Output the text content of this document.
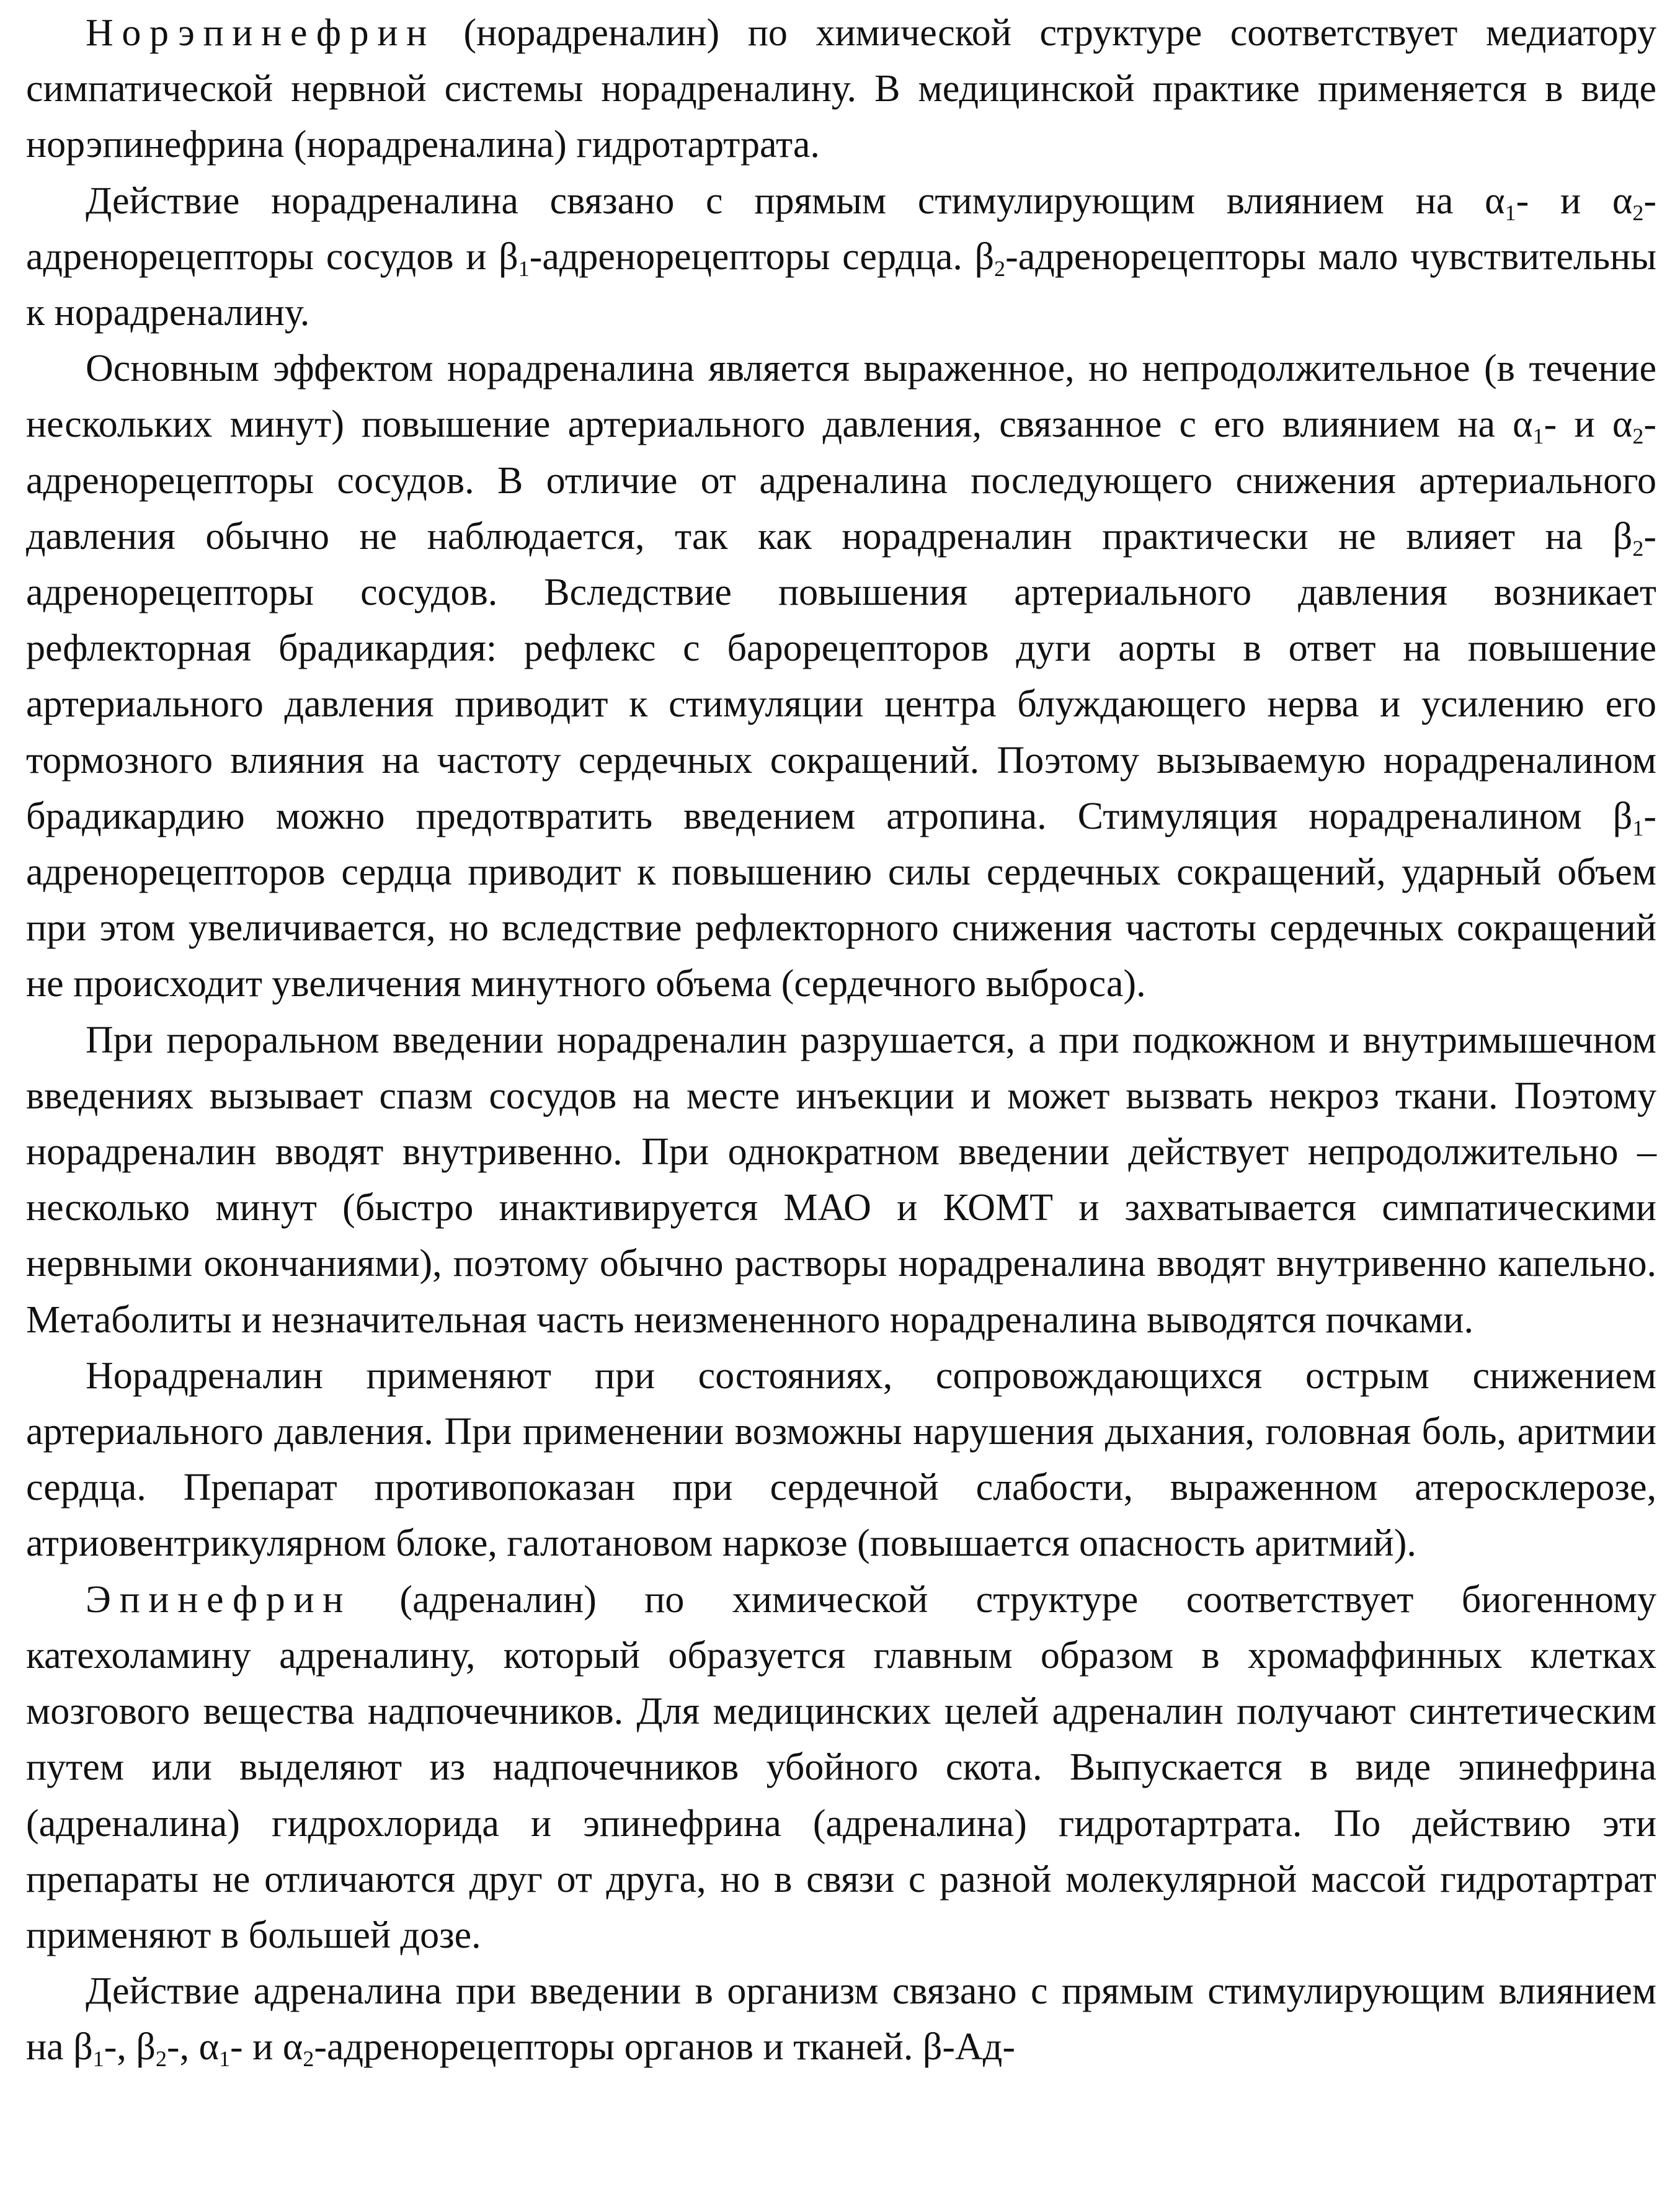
Норэпинефрин (норадреналин) по химической структуре соответствует медиатору симпатической нервной системы норадреналину. В медицинской практике применяется в виде норэпинефрина (норадреналина) гидротартрата.

Действие норадреналина связано с прямым стимулирующим влиянием на $\alpha_1-$ и $\alpha_2$-адренорецепторы сосудов и $\beta_1$-адренорецепторы сердца. $\beta_2$-адренорецепторы мало чувствительны к норадреналину.

Основным эффектом норадреналина является выраженное, но непродолжительное (в течение нескольких минут) повышение артериального давления, связанное с его влиянием на $\alpha_1-$ и $\alpha_2$-адренорецепторы сосудов. В отличие от адреналина последующего снижения артериального давления обычно не наблюдается, так как норадреналин практически не влияет на $\beta_2$-адренорецепторы сосудов. Вследствие повышения артериального давления возникает рефлекторная брадикардия: рефлекс с барорецепторов дуги аорты в ответ на повышение артериального давления приводит к стимуляции центра блуждающего нерва и усилению его тормозного влияния на частоту сердечных сокращений. Поэтому вызываемую норадреналином брадикардию можно предотвратить введением атропина. Стимуляция норадреналином $\beta_1$-адренорецепторов сердца приводит к повышению силы сердечных сокращений, ударный объем при этом увеличивается, но вследствие рефлекторного снижения частоты сердечных сокращений не происходит увеличения минутного объема (сердечного выброса).

При пероральном введении норадреналин разрушается, а при подкожном и внутримышечном введениях вызывает спазм сосудов на месте инъекции и может вызвать некроз ткани. Поэтому норадреналин вводят внутривенно. При однократном введении действует непродолжительно – несколько минут (быстро инактивируется МАО и КОМТ и захватывается симпатическими нервными окончаниями), поэтому обычно растворы норадреналина вводят внутривенно капельно. Метаболиты и незначительная часть неизмененного норадреналина выводятся почками.

Норадреналин применяют при состояниях, сопровождающихся острым снижением артериального давления. При применении возможны нарушения дыхания, головная боль, аритмии сердца. Препарат противопоказан при сердечной слабости, выраженном атеросклерозе, атриовентрикулярном блоке, галотановом наркозе (повышается опасность аритмий).

Эпинефрин (адреналин) по химической структуре соответствует биогенному катехоламину адреналину, который образуется главным образом в хромаффинных клетках мозгового вещества надпочечников. Для медицинских целей адреналин получают синтетическим путем или выделяют из надпочечников убойного скота. Выпускается в виде эпинефрина (адреналина) гидрохлорида и эпинефрина (адреналина) гидротартрата. По действию эти препараты не отличаются друг от друга, но в связи с разной молекулярной массой гидротартрат применяют в большей дозе.

Действие адреналина при введении в организм связано с прямым стимулирующим влиянием на $\beta_1-$, $\beta_2-$, $\alpha_1-$ и $\alpha_2$-адренорецепторы органов и тканей. β-Ад-
